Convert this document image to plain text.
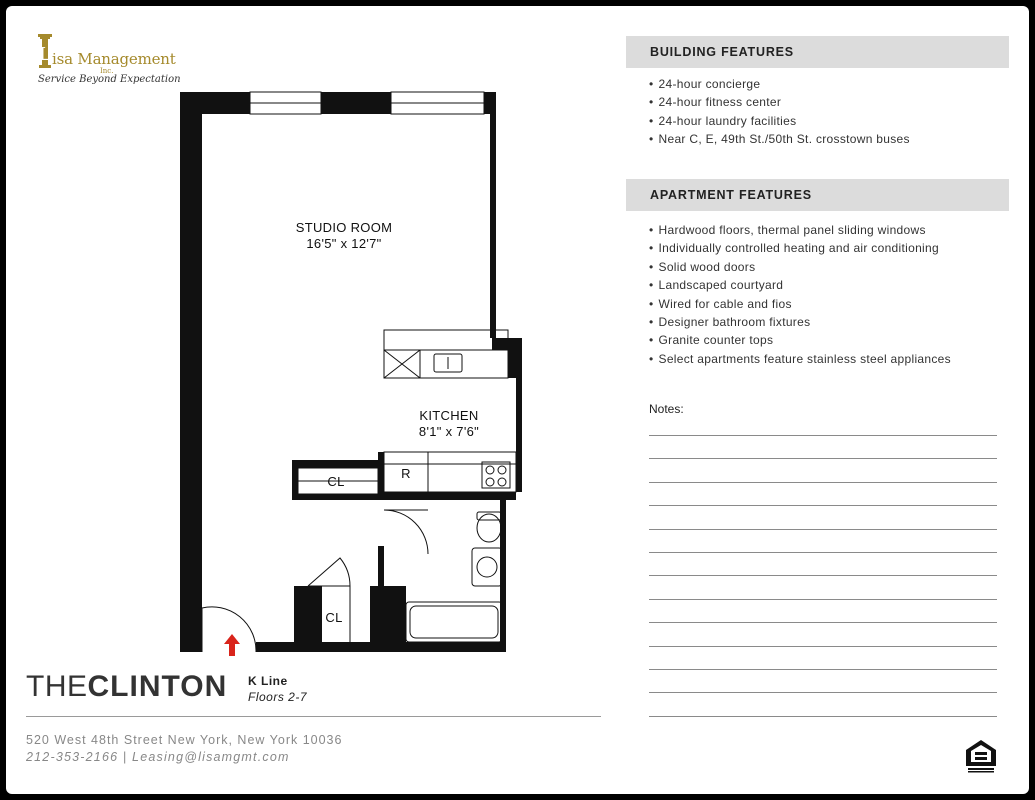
L isa Management
Inc.
Service Beyond Expectation
STUDIO ROOM
16'5" x 12'7"
KITCHEN
8'1" x 7'6"
CL
R
CL
THECLINTON K Line
Floors 2-7
520 West 48th Street New York, New York 10036
212-353-2166 | Leasing@lisamgmt.com
BUILDING FEATURES
• 24-hour concierge
• 24-hour fitness center
• 24-hour laundry facilities
• Near C, E, 49th St./50th St. crosstown buses
APARTMENT FEATURES
• Hardwood floors, thermal panel sliding windows
• Individually controlled heating and air conditioning
• Solid wood doors
• Landscaped courtyard
• Wired for cable and fios
• Designer bathroom fixtures
• Granite counter tops
• Select apartments feature stainless steel appliances
Notes:
